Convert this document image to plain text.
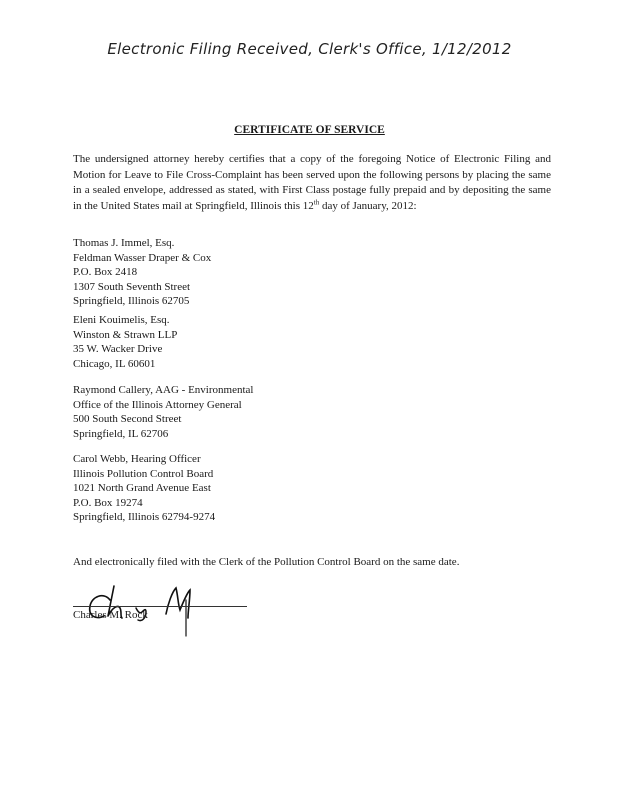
Electronic Filing Received, Clerk's Office, 1/12/2012
CERTIFICATE OF SERVICE
The undersigned attorney hereby certifies that a copy of the foregoing Notice of Electronic Filing and Motion for Leave to File Cross-Complaint has been served upon the following persons by placing the same in a sealed envelope, addressed as stated, with First Class postage fully prepaid and by depositing the same in the United States mail at Springfield, Illinois this 12th day of January, 2012:
Thomas J. Immel, Esq.
Feldman Wasser Draper & Cox
P.O. Box 2418
1307 South Seventh Street
Springfield, Illinois 62705
Eleni Kouimelis, Esq.
Winston & Strawn LLP
35 W. Wacker Drive
Chicago, IL 60601
Raymond Callery, AAG - Environmental
Office of the Illinois Attorney General
500 South Second Street
Springfield, IL 62706
Carol Webb, Hearing Officer
Illinois Pollution Control Board
1021 North Grand Avenue East
P.O. Box 19274
Springfield, Illinois 62794-9274
And electronically filed with the Clerk of the Pollution Control Board on the same date.
Charles M. Rock
